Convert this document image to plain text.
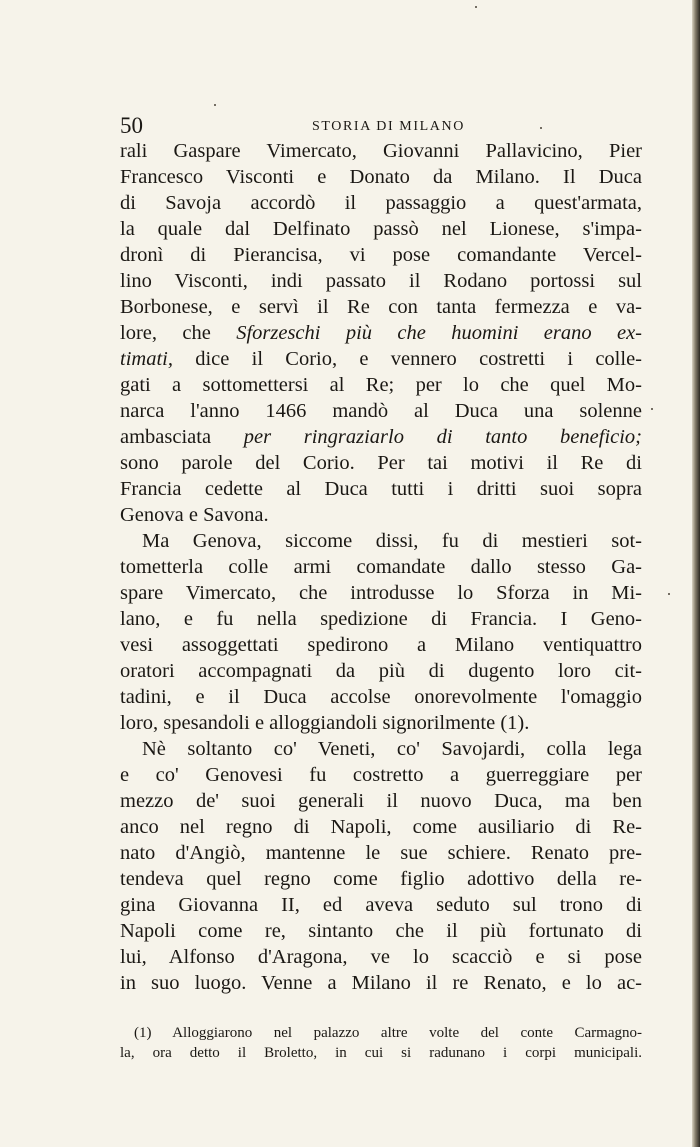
50	STORIA DI MILANO
rali Gaspare Vimercato, Giovanni Pallavicino, Pier
Francesco Visconti e Donato da Milano. Il Duca
di Savoja accordò il passaggio a quest'armata,
la quale dal Delfinato passò nel Lionese, s'impa-
dronì di Pierancisa, vi pose comandante Vercel-
lino Visconti, indi passato il Rodano portossi sul
Borbonese, e servì il Re con tanta fermezza e va-
lore, che Sforzeschi più che huomini erano ex-
timati, dice il Corio, e vennero costretti i colle-
gati a sottomettersi al Re; per lo che quel Mo-
narca l'anno 1466 mandò al Duca una solenne
ambasciata per ringraziarlo di tanto beneficio;
sono parole del Corio. Per tai motivi il Re di
Francia cedette al Duca tutti i dritti suoi sopra
Genova e Savona.
Ma Genova, siccome dissi, fu di mestieri sot-
tometterla colle armi comandate dallo stesso Ga-
spare Vimercato, che introdusse lo Sforza in Mi-
lano, e fu nella spedizione di Francia. I Geno-
vesi assoggettati spedirono a Milano ventiquattro
oratori accompagnati da più di dugento loro cit-
tadini, e il Duca accolse onorevolmente l'omaggio
loro, spesandoli e alloggiandoli signorilmente (1).
Nè soltanto co' Veneti, co' Savojardi, colla lega
e co' Genovesi fu costretto a guerreggiare per
mezzo de' suoi generali il nuovo Duca, ma ben
anco nel regno di Napoli, come ausiliario di Re-
nato d'Angiò, mantenne le sue schiere. Renato pre-
tendeva quel regno come figlio adottivo della re-
gina Giovanna II, ed aveva seduto sul trono di
Napoli come re, sintanto che il più fortunato di
lui, Alfonso d'Aragona, ve lo scacciò e si pose
in suo luogo. Venne a Milano il re Renato, e lo ac-
(1) Alloggiarono nel palazzo altre volte del conte Carmagno-
la, ora detto il Broletto, in cui si radunano i corpi municipali.
